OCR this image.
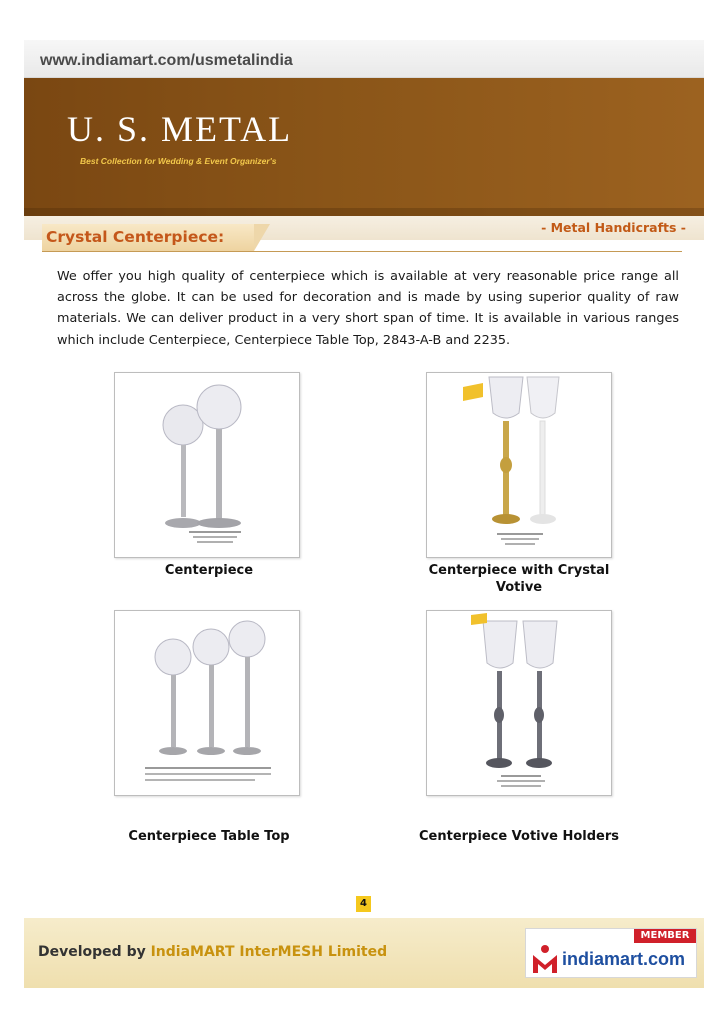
www.indiamart.com/usmetalindia
U. S. METAL
Best Collection for Wedding & Event Organizer's
- Metal Handicrafts -
Crystal Centerpiece:

We offer you high quality of centerpiece which is available at very reasonable price range all across the globe. It can be used for decoration and is made by using superior quality of raw materials. We can deliver product in a very short span of time. It is available in various ranges which include Centerpiece, Centerpiece Table Top, 2843-A-B and 2235.

Centerpiece	Centerpiece with Crystal Votive
Centerpiece Table Top	Centerpiece Votive Holders
4
Developed by IndiaMART InterMESH Limited
MEMBER
indiamart.com
